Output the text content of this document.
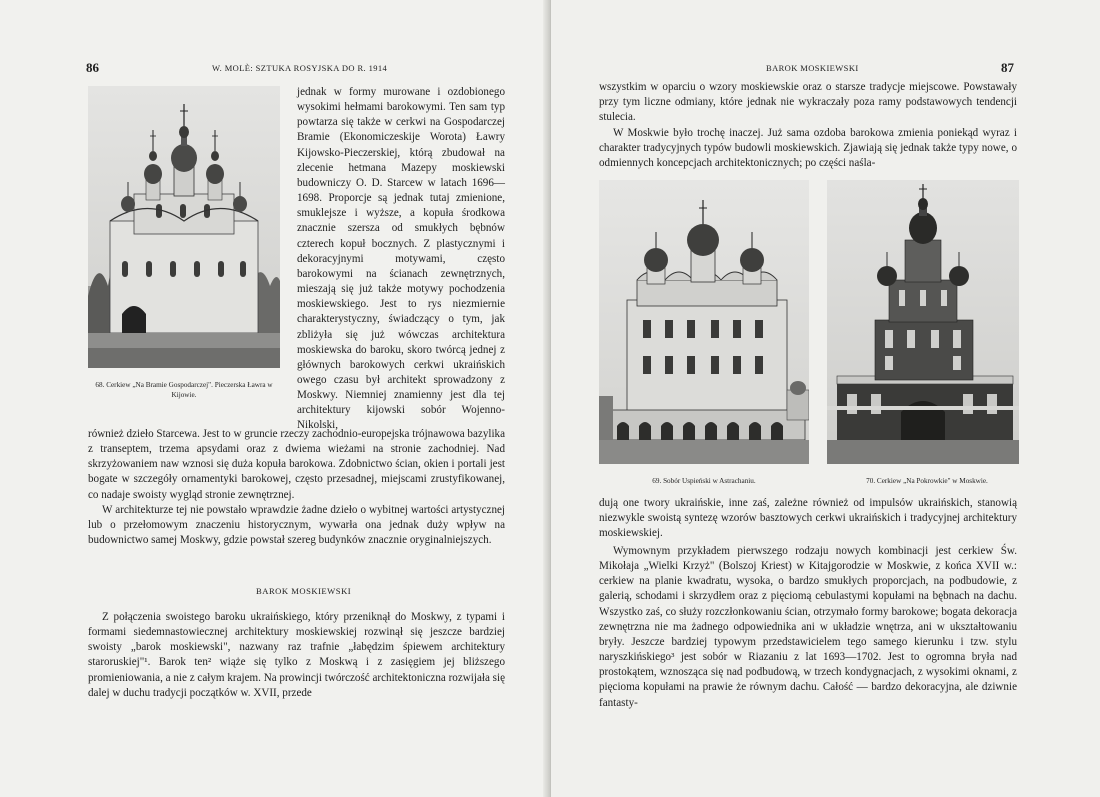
86	W. MOLÈ: SZTUKA ROSYJSKA DO R. 1914
68. Cerkiew „Na Bramie Gospodarczej". Pieczerska Ławra w Kijowie.
jednak w formy murowane i ozdobionego wysokimi hełmami barokowymi. Ten sam typ powtarza się także w cerkwi na Gospodarczej Bramie (Ekonomiczeskije Worota) Ławry Kijowsko-Pieczerskiej, którą zbudował na zlecenie hetmana Mazepy moskiewski budowniczy O. D. Starcew w latach 1696—1698. Proporcje są jednak tutaj zmienione, smuklejsze i wyższe, a kopuła środkowa znacznie szersza od smukłych bębnów czterech kopuł bocznych. Z plastycznymi i dekoracyjnymi motywami, często barokowymi na ścianach zewnętrznych, mieszają się już także motywy pochodzenia moskiewskiego. Jest to rys niezmiernie charakterystyczny, świadczący o tym, jak zbliżyła się już wówczas architektura moskiewska do baroku, skoro twórcą jednej z głównych barokowych cerkwi ukraińskich owego czasu był architekt sprowadzony z Moskwy. Niemniej znamienny jest dla tej architektury kijowski sobór Wojenno-Nikolski,
również dzieło Starcewa. Jest to w gruncie rzeczy zachodnio-europejska trójnawowa bazylika z transeptem, trzema apsydami oraz z dwiema wieżami na stronie zachodniej. Nad skrzyżowaniem naw wznosi się duża kopuła barokowa. Zdobnictwo ścian, okien i portali jest bogate w szczegóły ornamentyki barokowej, często przesadnej, miejscami zrustyfikowanej, co nadaje swoisty wygląd stronie zewnętrznej.
W architekturze tej nie powstało wprawdzie żadne dzieło o wybitnej wartości artystycznej lub o przełomowym znaczeniu historycznym, wywarła ona jednak duży wpływ na budownictwo samej Moskwy, gdzie powstał szereg budynków znacznie oryginalniejszych.
BAROK MOSKIEWSKI
Z połączenia swoistego baroku ukraińskiego, który przeniknął do Moskwy, z typami i formami siedemnastowiecznej architektury moskiewskiej rozwinął się jeszcze bardziej swoisty „barok moskiewski", nazwany raz trafnie „łabędzim śpiewem architektury staroruskiej"¹. Barok ten² wiąże się tylko z Moskwą i z zasięgiem jej bliższego promieniowania, a nie z całym krajem. Na prowincji twórczość architektoniczna rozwijała się dalej w duchu tradycji początków w. XVII, przede
BAROK MOSKIEWSKI	87
wszystkim w oparciu o wzory moskiewskie oraz o starsze tradycje miejscowe. Powstawały przy tym liczne odmiany, które jednak nie wykraczały poza ramy podstawowych tendencji stulecia.
W Moskwie było trochę inaczej. Już sama ozdoba barokowa zmienia poniekąd wyraz i charakter tradycyjnych typów budowli moskiewskich. Zjawiają się jednak także typy nowe, o odmiennych koncepcjach architektonicznych; po części naśla-
69. Sobór Uspieński w Astrachaniu.	70. Cerkiew „Na Pokrowkie" w Moskwie.
dują one twory ukraińskie, inne zaś, zależne również od impulsów ukraińskich, stanowią niezwykle swoistą syntezę wzorów basztowych cerkwi ukraińskich i tradycyjnej architektury moskiewskiej.
Wymownym przykładem pierwszego rodzaju nowych kombinacji jest cerkiew Św. Mikołaja „Wielki Krzyż" (Bolszoj Kriest) w Kitajgorodzie w Moskwie, z końca XVII w.: cerkiew na planie kwadratu, wysoka, o bardzo smukłych proporcjach, na podbudowie, z galerią, schodami i skrzydłem oraz z pięciomą cebulastymi kopułami na bębnach na dachu. Wszystko zaś, co służy rozczłonkowaniu ścian, otrzymało formy barokowe; bogata dekoracja zewnętrzna nie ma żadnego odpowiednika ani w układzie wnętrza, ani w ukształtowaniu bryły. Jeszcze bardziej typowym przedstawicielem tego samego kierunku i tzw. stylu naryszkińskiego³ jest sobór w Riazaniu z lat 1693—1702. Jest to ogromna bryła nad prostokątem, wznosząca się nad podbudową, w trzech kondygnacjach, z wysokimi oknami, z pięcioma kopułami na prawie że równym dachu. Całość — bardzo dekoracyjna, ale dziwnie fantasty-
